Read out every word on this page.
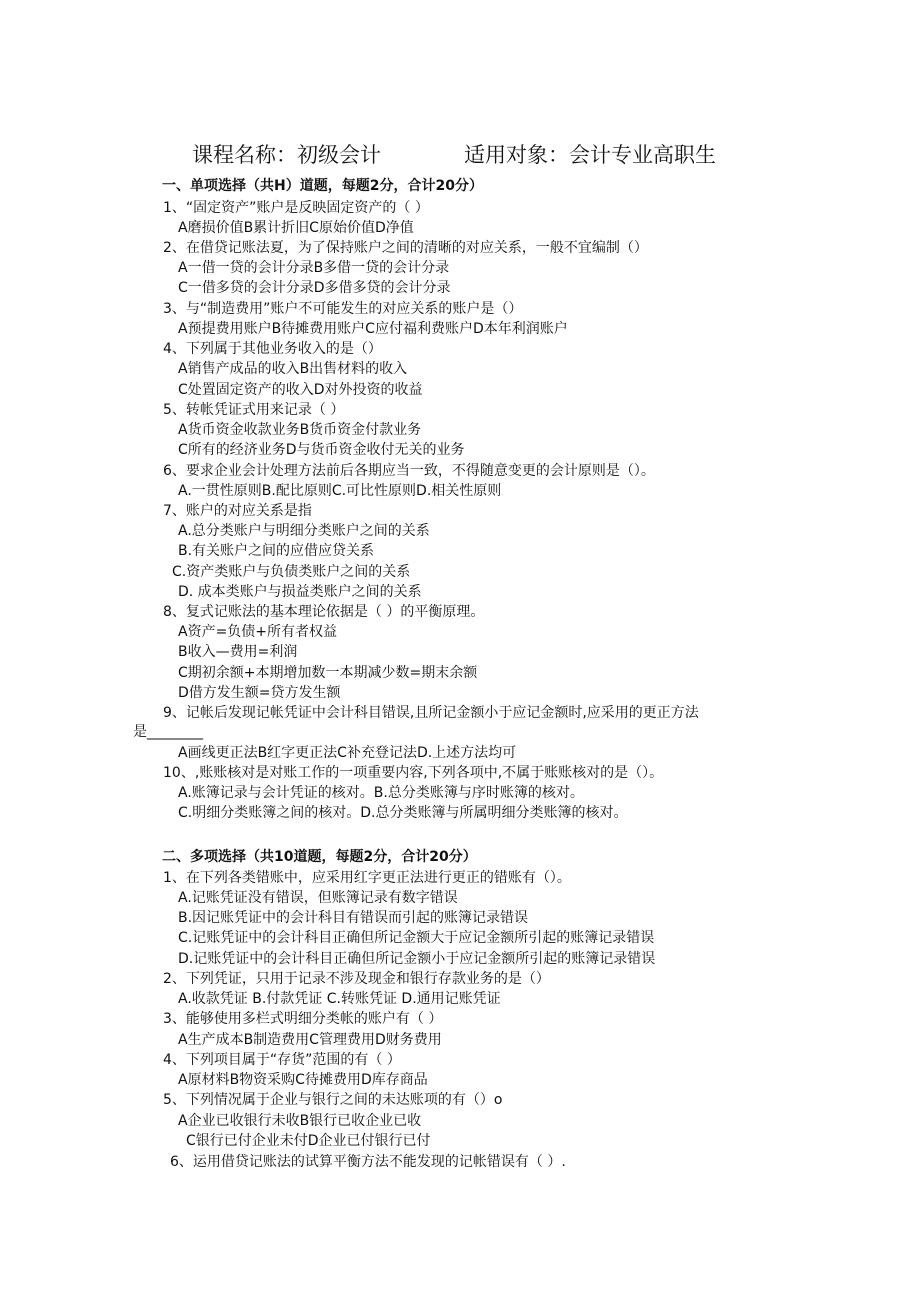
课程名称：初级会计	适用对象：会计专业高职生
一、单项选择（共H）道题，每题2分，合计20分）
1、“固定资产”账户是反映固定资产的（ ）
A磨损价值B累计折旧C原始价值D净值
2、在借贷记账法夏，为了保持账户之间的清晰的对应关系，一般不宜编制（）
A一借一贷的会计分录B多借一贷的会计分录
C一借多贷的会计分录D多借多贷的会计分录
3、与“制造费用”账户不可能发生的对应关系的账户是（）
A预提费用账户B待摊费用账户C应付福利费账户D本年利润账户
4、下列属于其他业务收入的是（）
A销售产成品的收入B出售材料的收入
C处置固定资产的收入D对外投资的收益
5、转帐凭证式用来记录（ ）
A货币资金收款业务B货币资金付款业务
C所有的经济业务D与货币资金收付无关的业务
6、要求企业会计处理方法前后各期应当一致，不得随意变更的会计原则是（）。
A.一贯性原则B.配比原则C.可比性原则D.相关性原则
7、账户的对应关系是指
A.总分类账户与明细分类账户之间的关系
B.有关账户之间的应借应贷关系
C.资产类账户与负债类账户之间的关系
D. 成本类账户与损益类账户之间的关系
8、复式记账法的基本理论依据是（ ）的平衡原理。
A资产=负债+所有者权益
B收入—费用=利润
C期初余额+本期增加数一本期减少数=期末余额
D借方发生额=贷方发生额
9、记帐后发现记帐凭证中会计科目错误,且所记金额小于应记金额时,应采用的更正方法
是________
A画线更正法B红字更正法C补充登记法D.上述方法均可
10、,账账核对是对账工作的一项重要内容,下列各项中,不属于账账核对的是（）。
A.账簿记录与会计凭证的核对。B.总分类账簿与序时账簿的核对。
C.明细分类账簿之间的核对。D.总分类账簿与所属明细分类账簿的核对。
二、多项选择（共10道题，每题2分，合计20分）
1、在下列各类错账中，应采用红字更正法进行更正的错账有（）。
A.记账凭证没有错误，但账簿记录有数字错误
B.因记账凭证中的会计科目有错误而引起的账簿记录错误
C.记账凭证中的会计科目正确但所记金额大于应记金额所引起的账簿记录错误
D.记账凭证中的会计科目正确但所记金额小于应记金额所引起的账簿记录错误
2、下列凭证，只用于记录不涉及现金和银行存款业务的是（）
A.收款凭证 B.付款凭证 C.转账凭证 D.通用记账凭证
3、能够使用多栏式明细分类帐的账户有（ ）
A生产成本B制造费用C管理费用D财务费用
4、下列项目属于“存货”范围的有（ ）
A原材料B物资采购C待摊费用D库存商品
5、下列情况属于企业与银行之间的未达账项的有（）o
A企业已收银行未收B银行已收企业已收
C银行已付企业未付D企业已付银行已付
6、运用借贷记账法的试算平衡方法不能发现的记帐错误有（ ）.
